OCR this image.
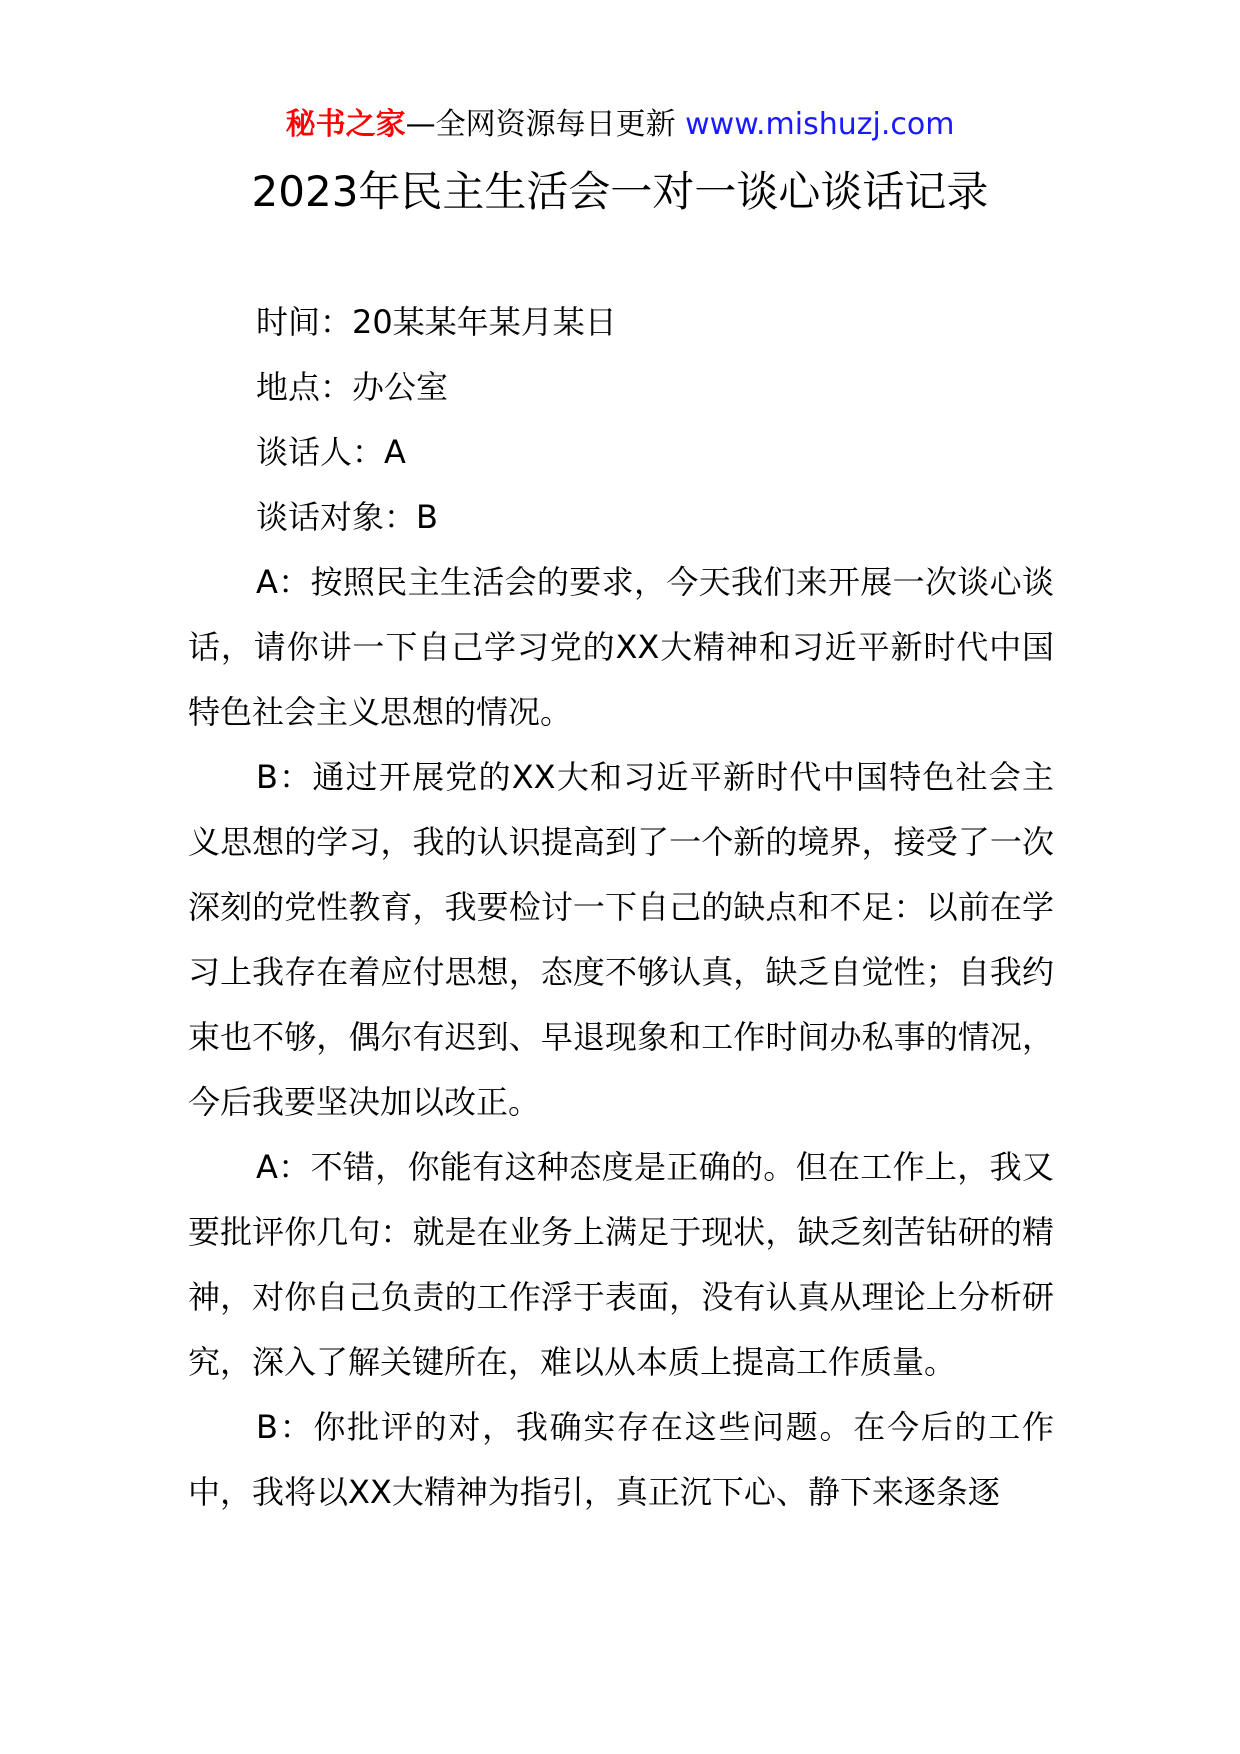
秘书之家—全网资源每日更新 www.mishuzj.com
2023年民主生活会一对一谈心谈话记录

时间：20某某年某月某日

地点：办公室

谈话人：A

谈话对象：B

A：按照民主生活会的要求，今天我们来开展一次谈心谈话，请你讲一下自己学习党的XX大精神和习近平新时代中国特色社会主义思想的情况。

B：通过开展党的XX大和习近平新时代中国特色社会主义思想的学习，我的认识提高到了一个新的境界，接受了一次深刻的党性教育，我要检讨一下自己的缺点和不足：以前在学习上我存在着应付思想，态度不够认真，缺乏自觉性；自我约束也不够，偶尔有迟到、早退现象和工作时间办私事的情况，今后我要坚决加以改正。

A：不错，你能有这种态度是正确的。但在工作上，我又要批评你几句：就是在业务上满足于现状，缺乏刻苦钻研的精神，对你自己负责的工作浮于表面，没有认真从理论上分析研究，深入了解关键所在，难以从本质上提高工作质量。

B：你批评的对，我确实存在这些问题。在今后的工作中，我将以XX大精神为指引，真正沉下心、静下来逐条逐
